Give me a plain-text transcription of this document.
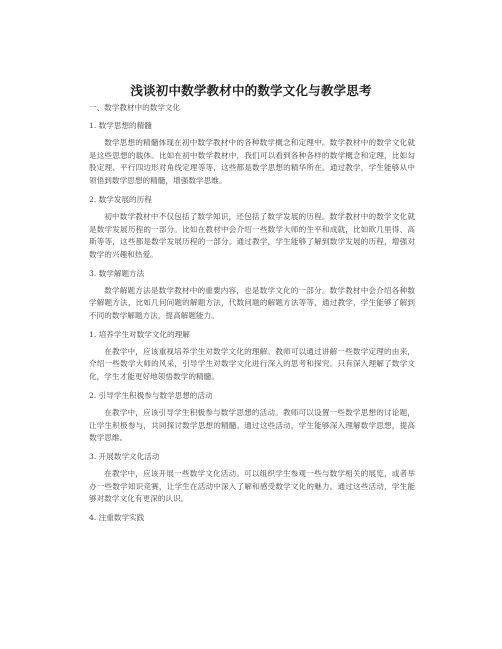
浅谈初中数学教材中的数学文化与教学思考
一、数学教材中的数学文化
1. 数学思想的精髓
数学思想的精髓体现在初中数学教材中的各种数学概念和定理中。数学教材中的数学文化就是这些思想的载体。比如在初中数学教材中，我们可以看到各种各样的数学概念和定理，比如勾股定理、平行四边形对角线定理等等，这些都是数学思想的精华所在。通过教学，学生能够从中领悟到数学思想的精髓，增强数学思维。
2. 数学发展的历程
初中数学教材中不仅包括了数学知识，还包括了数学发展的历程。数学教材中的数学文化就是数学发展历程的一部分。比如在教材中会介绍一些数学大师的生平和成就，比如欧几里得、高斯等等，这些都是数学发展历程的一部分。通过教学，学生能够了解到数学发展的历程，增强对数学的兴趣和热爱。
3. 数学解题方法
数学解题方法是数学教材中的重要内容，也是数学文化的一部分。数学教材中会介绍各种数学解题方法，比如几何问题的解题方法，代数问题的解题方法等等，通过教学，学生能够了解到不同的数学解题方法，提高解题能力。
1. 培养学生对数学文化的理解
在教学中，应该重视培养学生对数学文化的理解。教师可以通过讲解一些数学定理的由来，介绍一些数学大师的风采，引导学生对数学文化进行深入的思考和探究。只有深入理解了数学文化，学生才能更好地领悟数学的精髓。
2. 引导学生积极参与数学思想的活动
在教学中，应该引导学生积极参与数学思想的活动。教师可以设置一些数学思想的讨论题，让学生积极参与，共同探讨数学思想的精髓。通过这些活动，学生能够深入理解数学思想，提高数学思维。
3. 开展数学文化活动
在教学中，应该开展一些数学文化活动。可以组织学生参观一些与数学相关的展览，或者举办一些数学知识竞赛，让学生在活动中深入了解和感受数学文化的魅力。通过这些活动，学生能够对数学文化有更深的认识。
4. 注重数学实践
